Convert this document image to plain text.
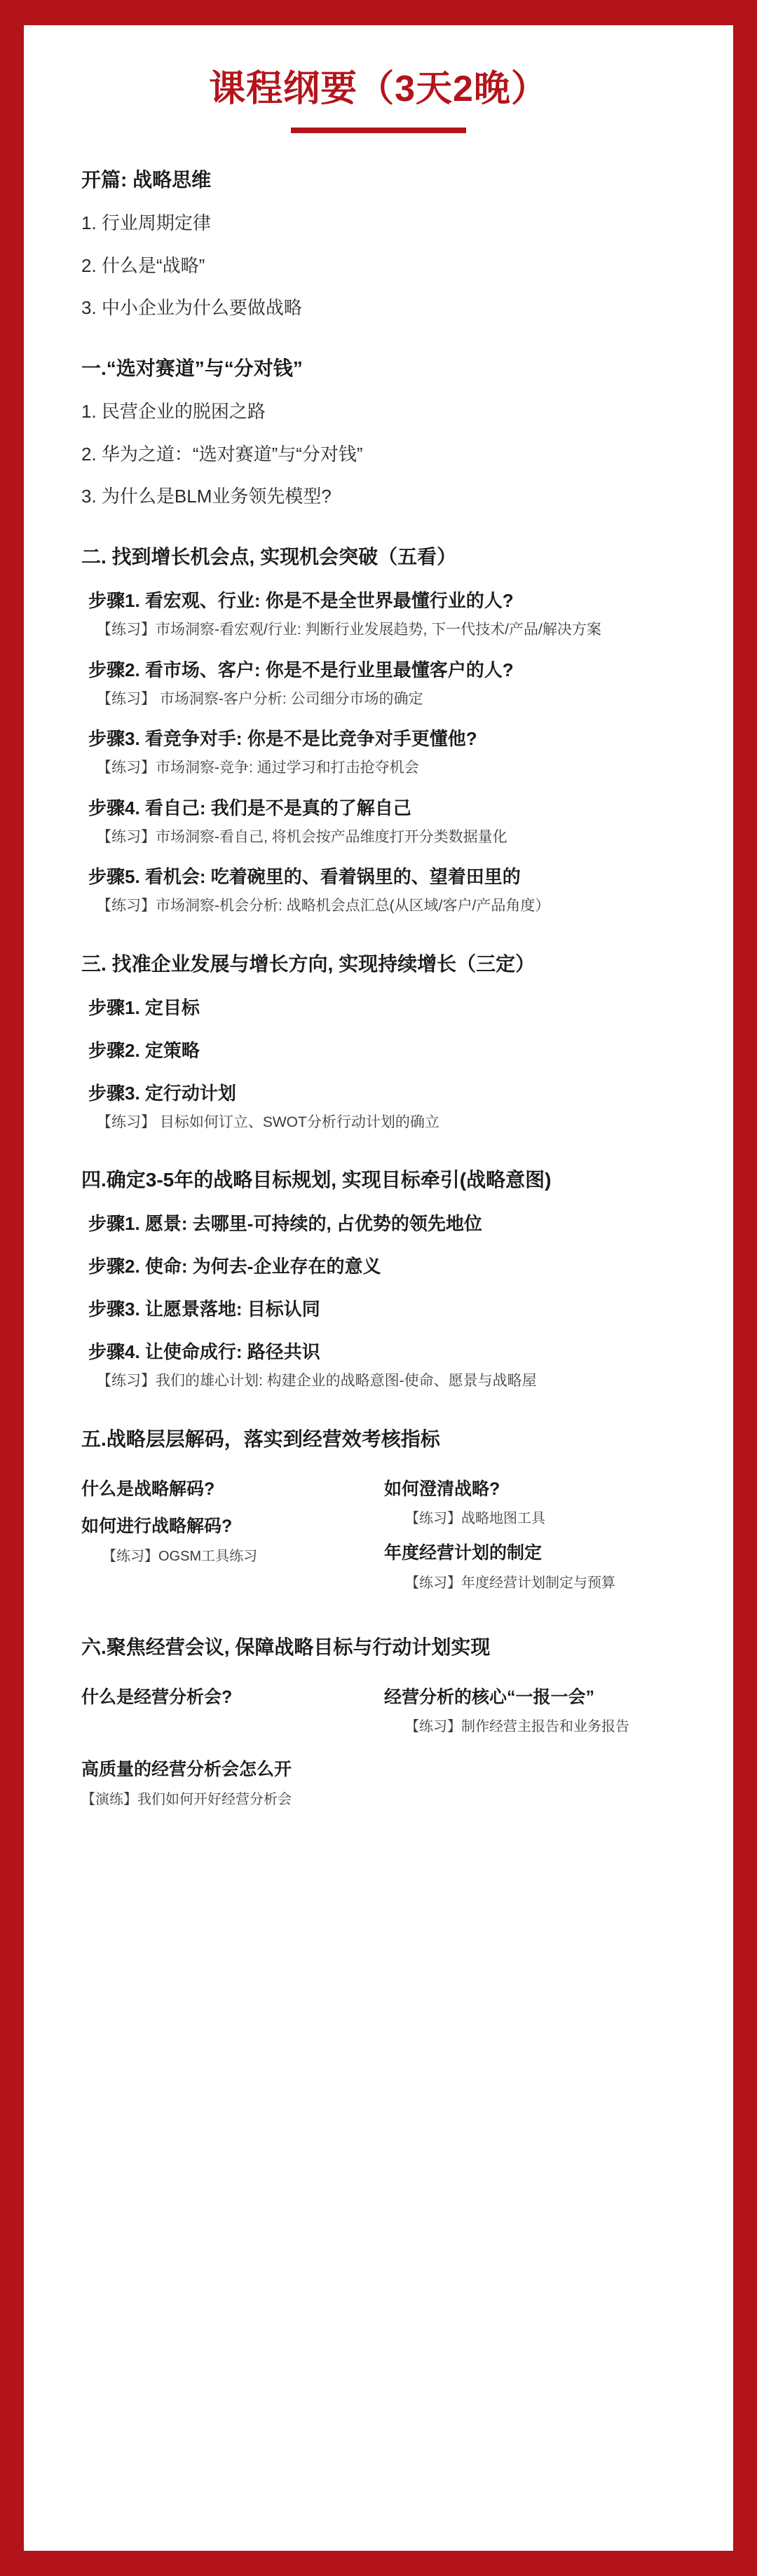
课程纲要（3天2晚）
开篇: 战略思维
1. 行业周期定律
2. 什么是“战略”
3. 中小企业为什么要做战略
一.“选对赛道”与“分对钱”
1. 民营企业的脱困之路
2. 华为之道：“选对赛道”与“分对钱”
3. 为什么是BLM业务领先模型?
二. 找到增长机会点, 实现机会突破（五看）
步骤1. 看宏观、行业: 你是不是全世界最懂行业的人?
【练习】市场洞察-看宏观/行业: 判断行业发展趋势, 下一代技术/产品/解决方案
步骤2. 看市场、客户: 你是不是行业里最懂客户的人?
【练习】 市场洞察-客户分析: 公司细分市场的确定
步骤3. 看竞争对手: 你是不是比竞争对手更懂他?
【练习】市场洞察-竞争: 通过学习和打击抢夺机会
步骤4. 看自己: 我们是不是真的了解自己
【练习】市场洞察-看自己, 将机会按产品维度打开分类数据量化
步骤5. 看机会: 吃着碗里的、看着锅里的、望着田里的
【练习】市场洞察-机会分析: 战略机会点汇总(从区域/客户/产品角度）
三. 找准企业发展与增长方向, 实现持续增长（三定）
步骤1. 定目标
步骤2. 定策略
步骤3. 定行动计划
【练习】 目标如何订立、SWOT分析行动计划的确立
四.确定3-5年的战略目标规划, 实现目标牵引(战略意图)
步骤1. 愿景: 去哪里-可持续的, 占优势的领先地位
步骤2. 使命: 为何去-企业存在的意义
步骤3. 让愿景落地: 目标认同
步骤4. 让使命成行: 路径共识
【练习】我们的雄心计划: 构建企业的战略意图-使命、愿景与战略屋
五.战略层层解码，落实到经营效考核指标
什么是战略解码?
如何进行战略解码?
【练习】OGSM工具练习
如何澄清战略?
【练习】战略地图工具
年度经营计划的制定
【练习】年度经营计划制定与预算
六.聚焦经营会议, 保障战略目标与行动计划实现
什么是经营分析会?	经营分析的核心“一报一会”
【练习】制作经营主报告和业务报告
高质量的经营分析会怎么开
【演练】我们如何开好经营分析会
